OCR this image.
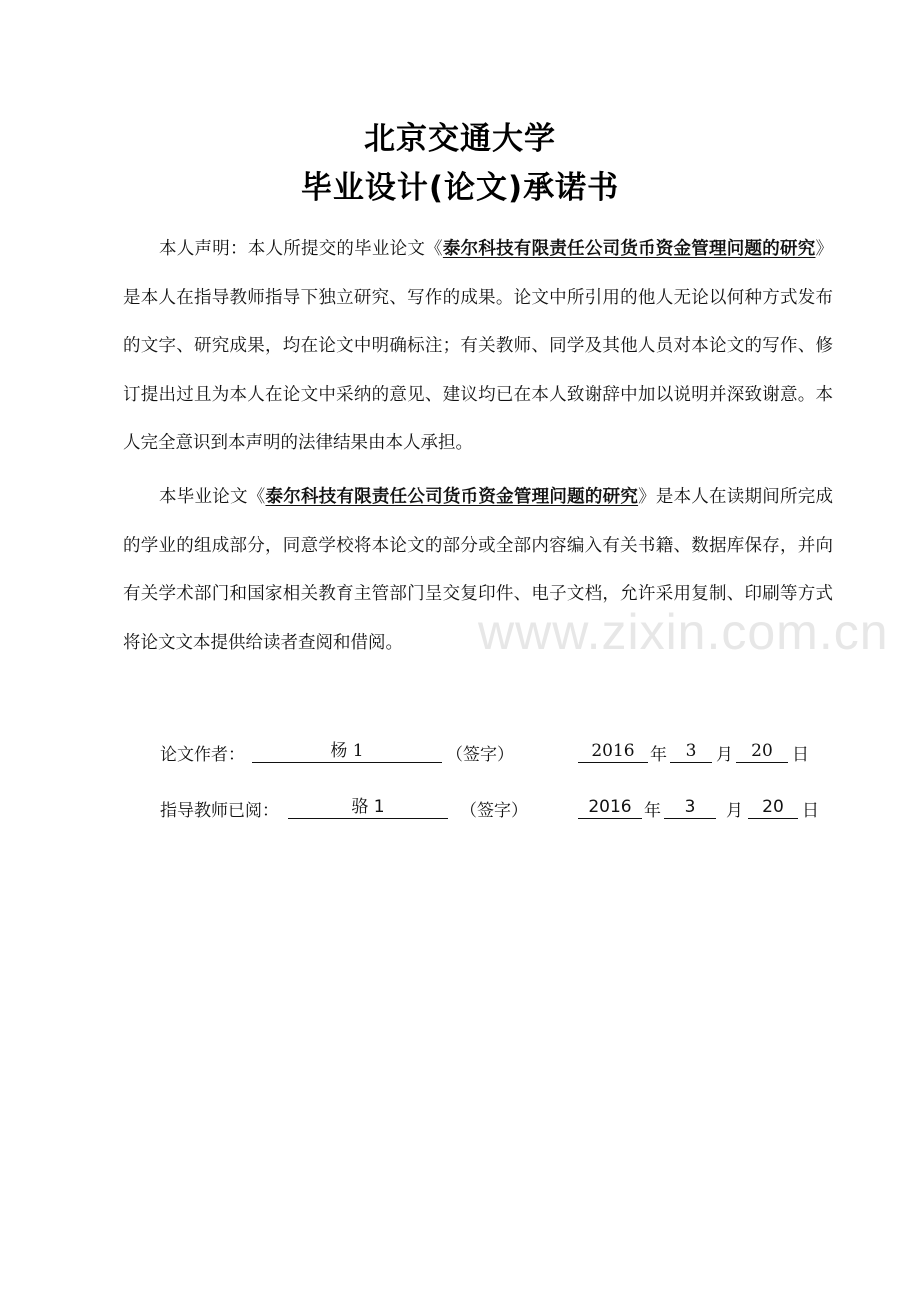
北京交通大学
毕业设计(论文)承诺书
www.zixin.com.cn

本人声明：本人所提交的毕业论文《泰尔科技有限责任公司货币资金管理问题的研究》是本人在指导教师指导下独立研究、写作的成果。论文中所引用的他人无论以何种方式发布的文字、研究成果，均在论文中明确标注；有关教师、同学及其他人员对本论文的写作、修订提出过且为本人在论文中采纳的意见、建议均已在本人致谢辞中加以说明并深致谢意。本人完全意识到本声明的法律结果由本人承担。

本毕业论文《泰尔科技有限责任公司货币资金管理问题的研究》是本人在读期间所完成的学业的组成部分，同意学校将本论文的部分或全部内容编入有关书籍、数据库保存，并向有关学术部门和国家相关教育主管部门呈交复印件、电子文档，允许采用复制、印刷等方式将论文文本提供给读者查阅和借阅。

论文作者：	杨 1	（签字）	2016 年	3	月	20	日
指导教师已阅：	骆 1	（签字）	2016 年	3	月	20	日
